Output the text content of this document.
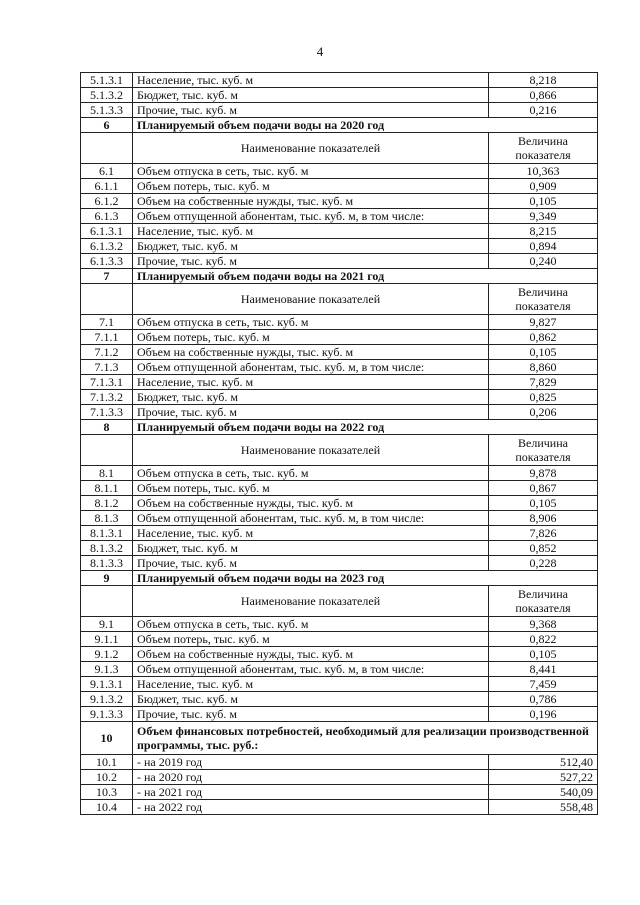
4
5.1.3.1	Население, тыс. куб. м	8,218
5.1.3.2	Бюджет, тыс. куб. м	0,866
5.1.3.3	Прочие, тыс. куб. м	0,216
6	Планируемый объем подачи воды на 2020 год	
	Наименование показателей	Величина показателя
6.1	Объем отпуска в сеть, тыс. куб. м	10,363
6.1.1	Объем потерь, тыс. куб. м	0,909
6.1.2	Объем на собственные нужды, тыс. куб. м	0,105
6.1.3	Объем отпущенной абонентам, тыс. куб. м, в том числе:	9,349
6.1.3.1	Население, тыс. куб. м	8,215
6.1.3.2	Бюджет, тыс. куб. м	0,894
6.1.3.3	Прочие, тыс. куб. м	0,240
7	Планируемый объем подачи воды на 2021 год	
	Наименование показателей	Величина показателя
7.1	Объем отпуска в сеть, тыс. куб. м	9,827
7.1.1	Объем потерь, тыс. куб. м	0,862
7.1.2	Объем на собственные нужды, тыс. куб. м	0,105
7.1.3	Объем отпущенной абонентам, тыс. куб. м, в том числе:	8,860
7.1.3.1	Население, тыс. куб. м	7,829
7.1.3.2	Бюджет, тыс. куб. м	0,825
7.1.3.3	Прочие, тыс. куб. м	0,206
8	Планируемый объем подачи воды на 2022 год	
	Наименование показателей	Величина показателя
8.1	Объем отпуска в сеть, тыс. куб. м	9,878
8.1.1	Объем потерь, тыс. куб. м	0,867
8.1.2	Объем на собственные нужды, тыс. куб. м	0,105
8.1.3	Объем отпущенной абонентам, тыс. куб. м, в том числе:	8,906
8.1.3.1	Население, тыс. куб. м	7,826
8.1.3.2	Бюджет, тыс. куб. м	0,852
8.1.3.3	Прочие, тыс. куб. м	0,228
9	Планируемый объем подачи воды на 2023 год	
	Наименование показателей	Величина показателя
9.1	Объем отпуска в сеть, тыс. куб. м	9,368
9.1.1	Объем потерь, тыс. куб. м	0,822
9.1.2	Объем на собственные нужды, тыс. куб. м	0,105
9.1.3	Объем отпущенной абонентам, тыс. куб. м, в том числе:	8,441
9.1.3.1	Население, тыс. куб. м	7,459
9.1.3.2	Бюджет, тыс. куб. м	0,786
9.1.3.3	Прочие, тыс. куб. м	0,196
10	Объем финансовых потребностей, необходимый для реализации производственной программы, тыс. руб.:	
10.1	- на 2019 год	512,40
10.2	- на 2020 год	527,22
10.3	- на 2021 год	540,09
10.4	- на 2022 год	558,48
